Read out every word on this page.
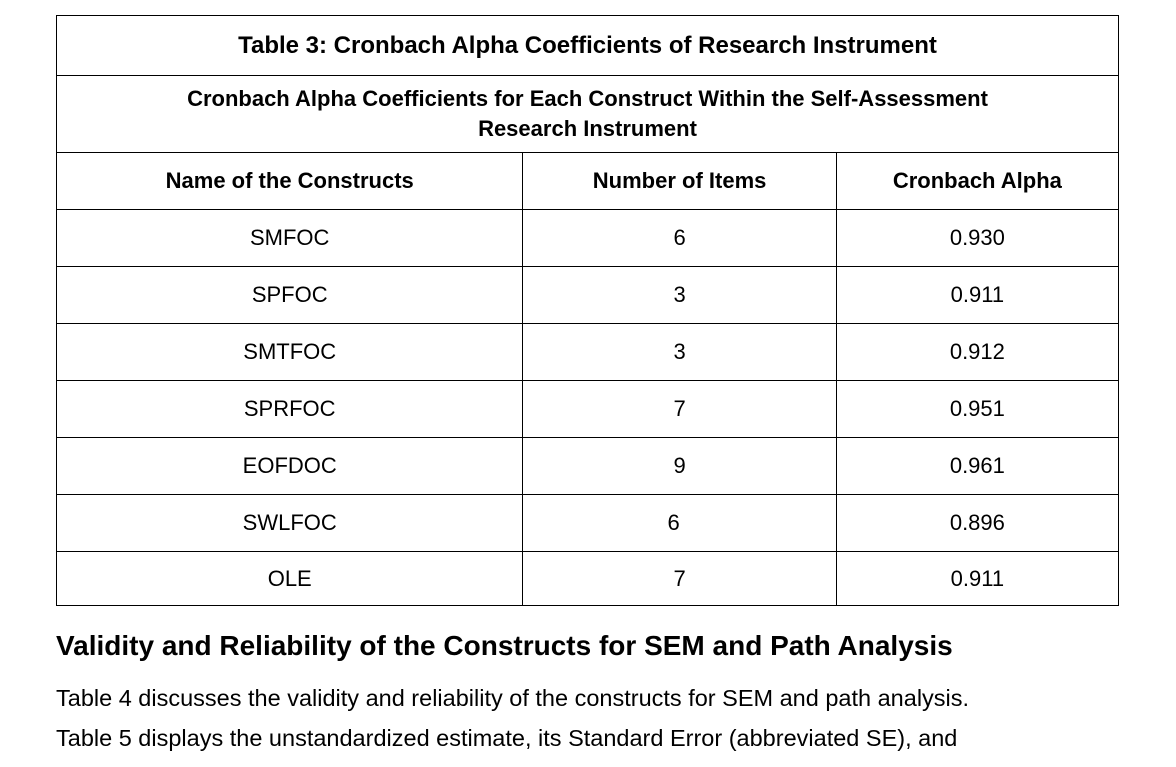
Table 3: Cronbach Alpha Coefficients of Research Instrument		
Cronbach Alpha Coefficients for Each Construct Within the Self-Assessment
Research Instrument		
Name of the Constructs	Number of Items	Cronbach Alpha
SMFOC	6	0.930
SPFOC	3	0.911
SMTFOC	3	0.912
SPRFOC	7	0.951
EOFDOC	9	0.961
SWLFOC	6	0.896
OLE	7	0.911
Validity and Reliability of the Constructs for SEM and Path Analysis

Table 4 discusses the validity and reliability of the constructs for SEM and path analysis.
Table 5 displays the unstandardized estimate, its Standard Error (abbreviated SE), and
